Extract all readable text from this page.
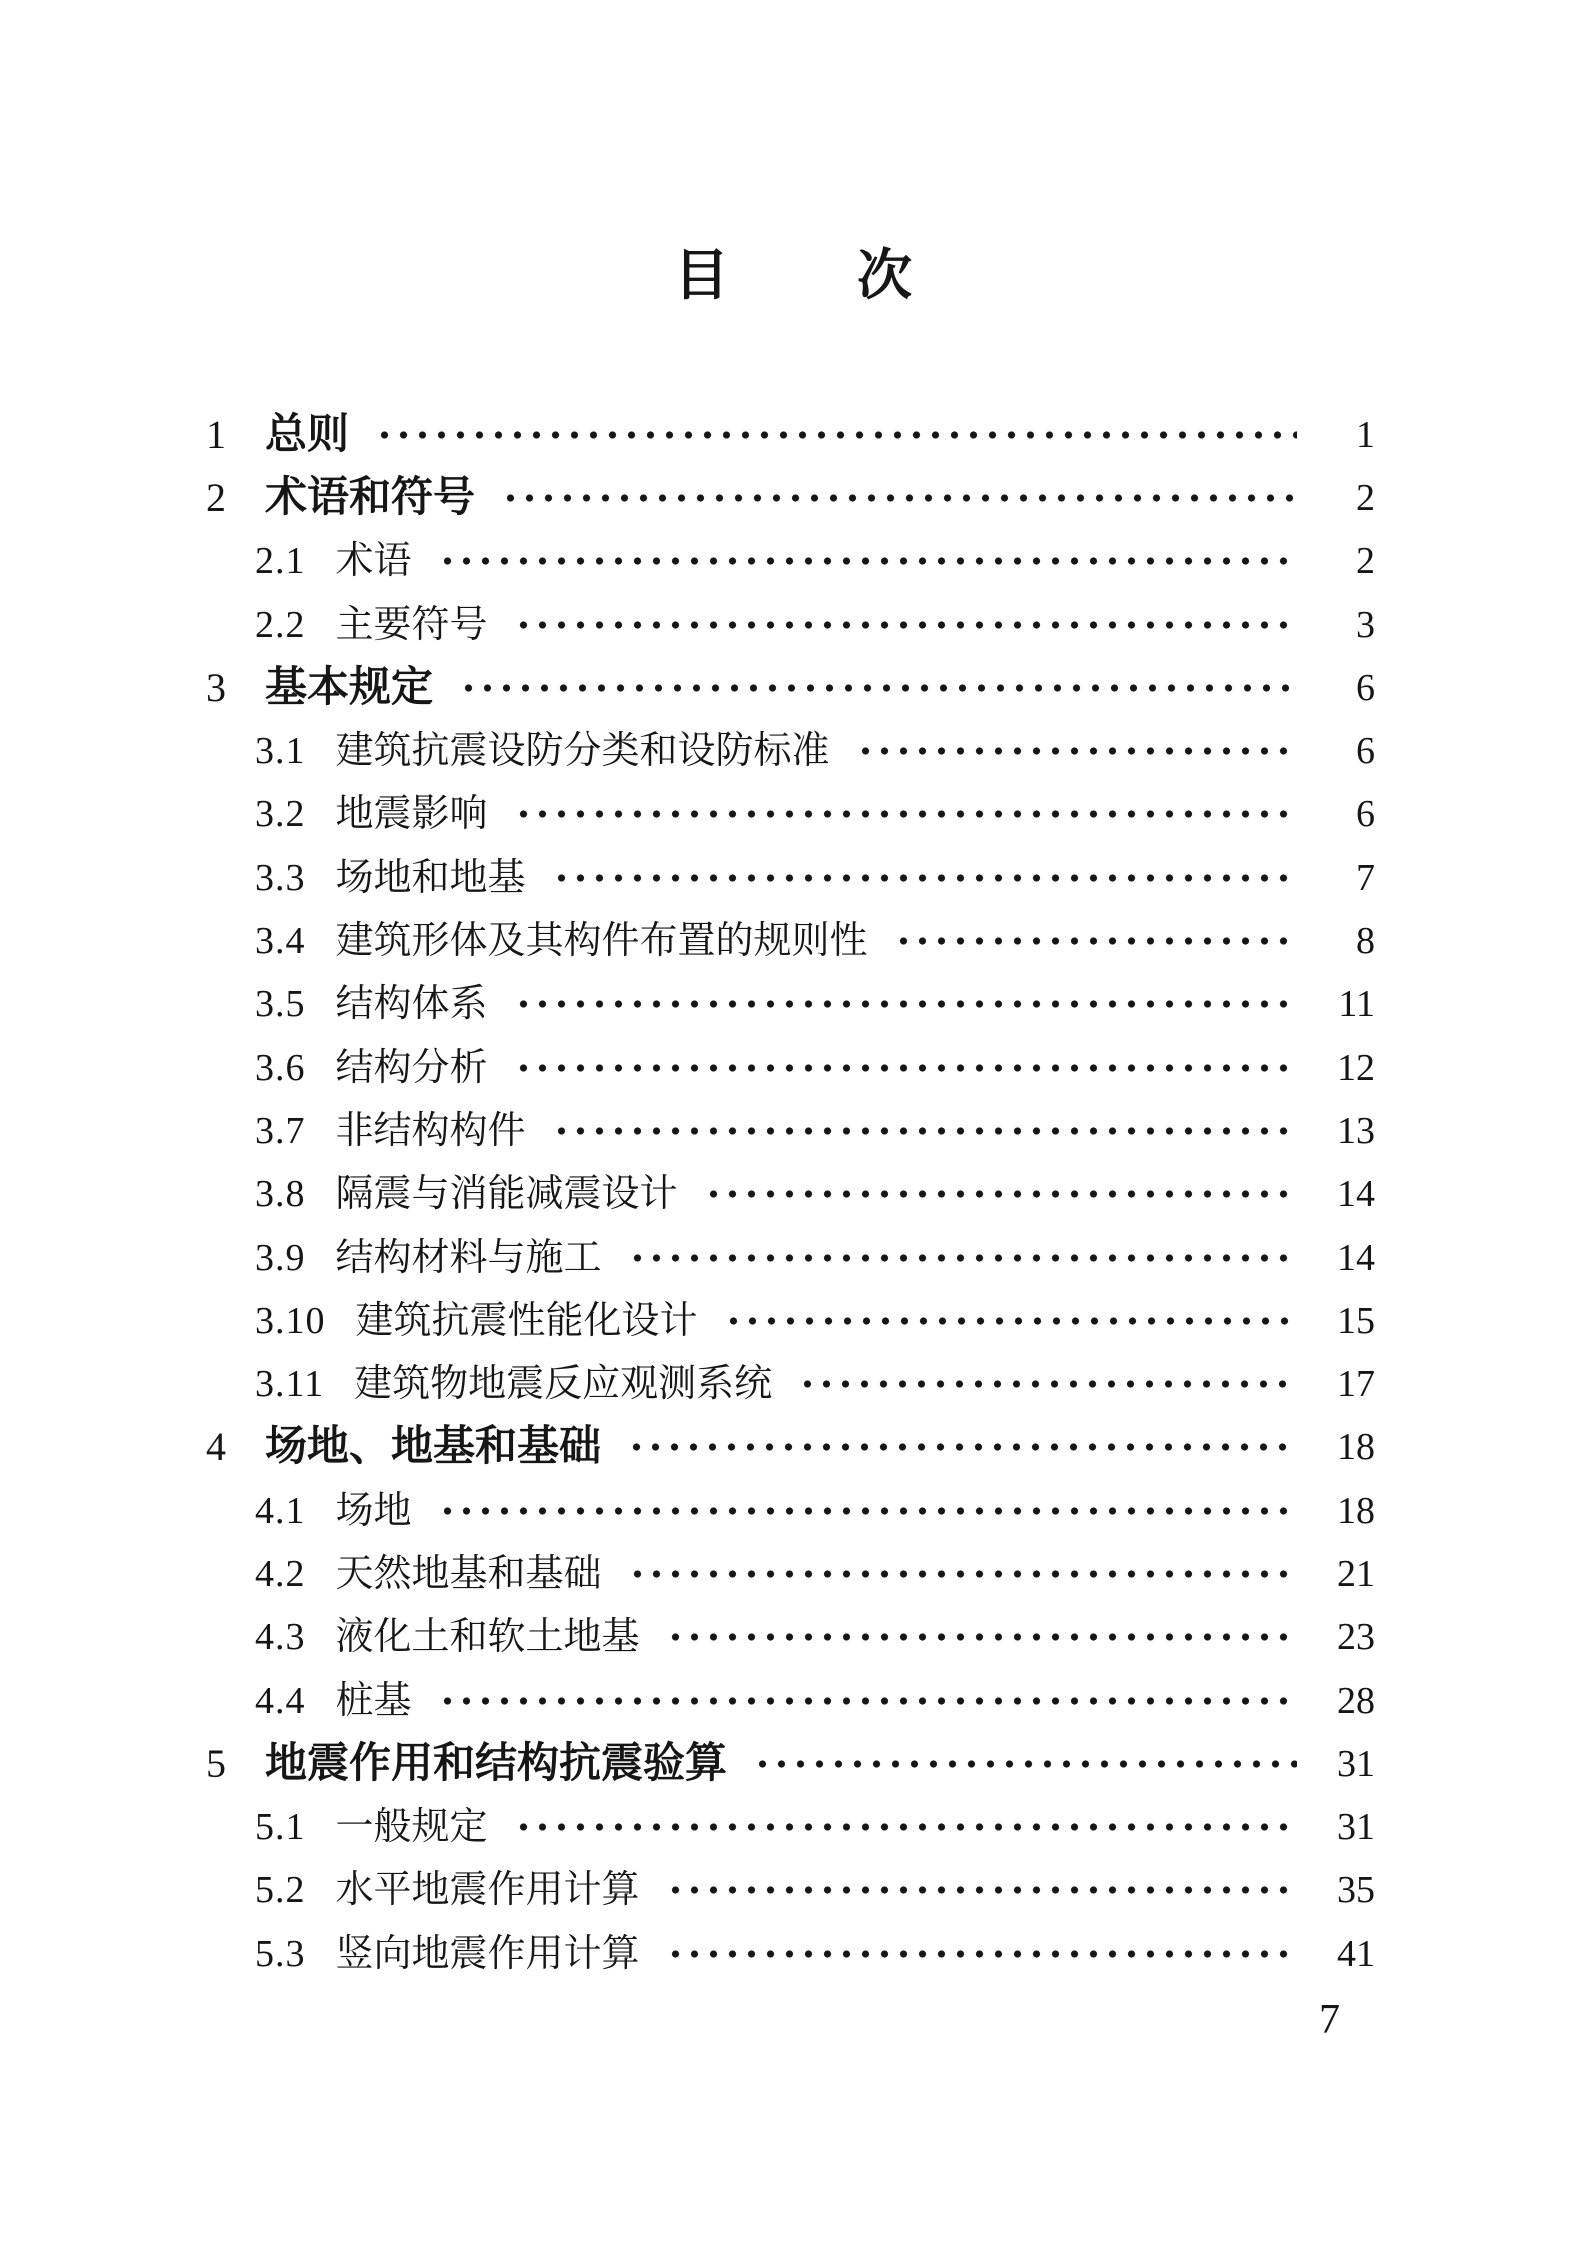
目 次
1 总则	1
2 术语和符号	2
2.1 术语	2
2.2 主要符号	3
3 基本规定	6
3.1 建筑抗震设防分类和设防标准	6
3.2 地震影响	6
3.3 场地和地基	7
3.4 建筑形体及其构件布置的规则性	8
3.5 结构体系	11
3.6 结构分析	12
3.7 非结构构件	13
3.8 隔震与消能减震设计	14
3.9 结构材料与施工	14
3.10 建筑抗震性能化设计	15
3.11 建筑物地震反应观测系统	17
4 场地、地基和基础	18
4.1 场地	18
4.2 天然地基和基础	21
4.3 液化土和软土地基	23
4.4 桩基	28
5 地震作用和结构抗震验算	31
5.1 一般规定	31
5.2 水平地震作用计算	35
5.3 竖向地震作用计算	41
7
